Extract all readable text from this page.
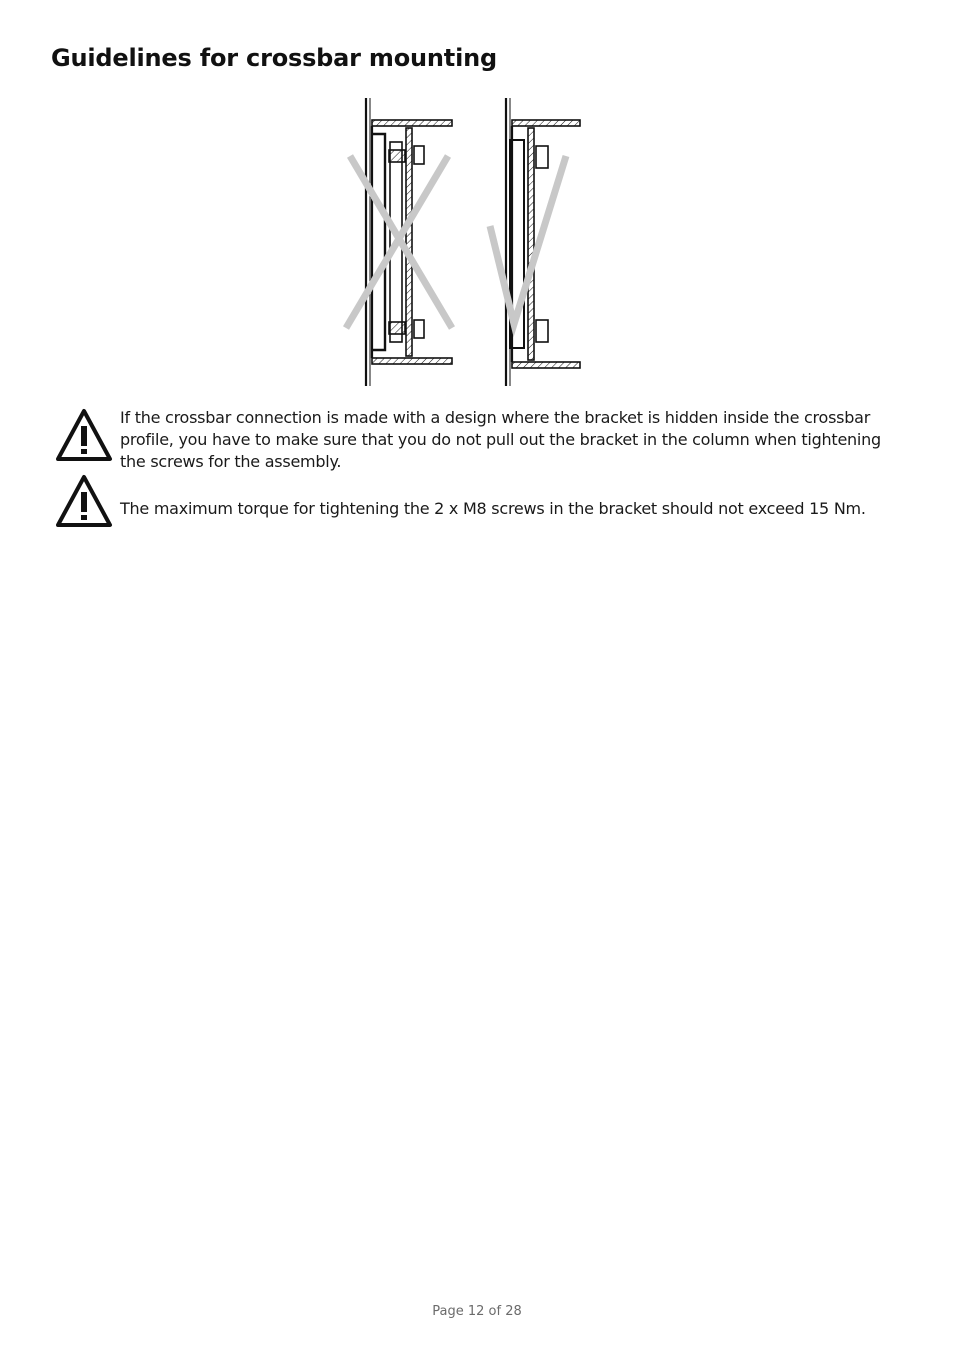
Guidelines for crossbar mounting
If the crossbar connection is made with a design where the bracket is hidden inside the crossbar profile, you have to make sure that you do not pull out the bracket in the column when tightening the screws for the assembly.
The maximum torque for tightening the 2 x M8 screws in the bracket should not exceed 15 Nm.
Page 12 of 28
